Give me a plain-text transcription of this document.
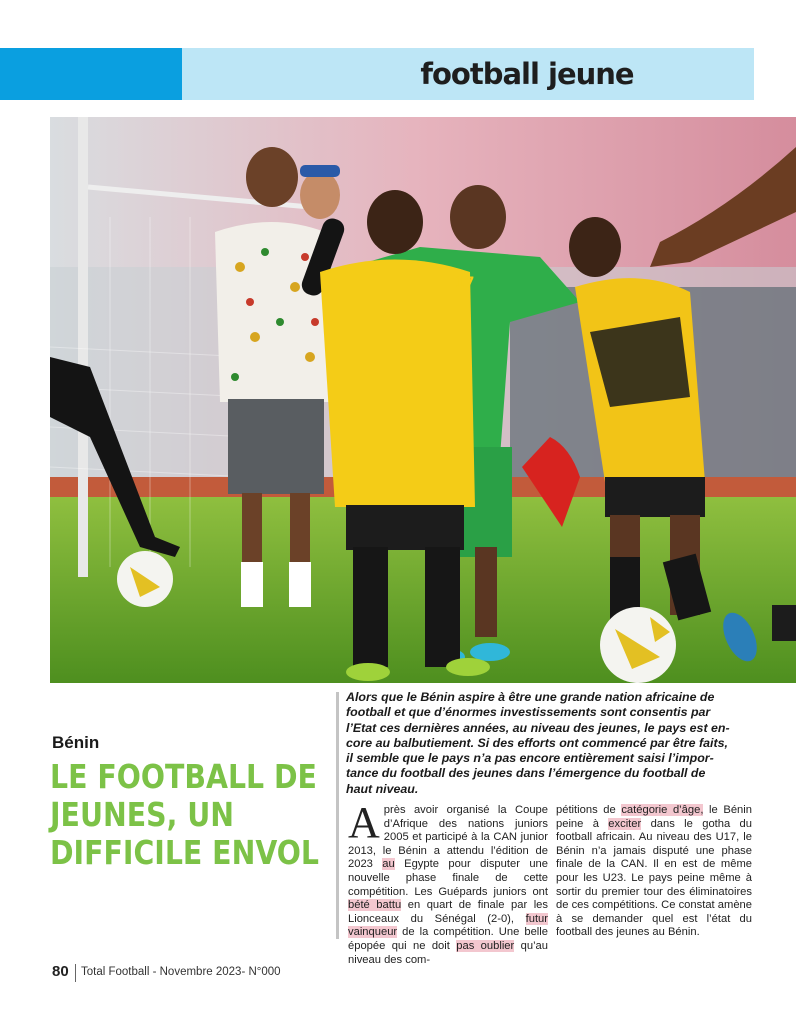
football jeune
17
Alors que le Bénin aspire à être une grande nation africaine de
football et que d’énormes investissements sont consentis par
l’Etat ces dernières années, au niveau des jeunes, le pays est en-
core au balbutiement. Si des efforts ont commencé par être faits,
il semble que le pays n’a pas encore entièrement saisi l’impor-
tance du football des jeunes dans l’émergence du football de
haut niveau.
Bénin
LE FOOTBALL DE
JEUNES, UN
DIFFICILE ENVOL
Après avoir organisé la Coupe d’Afrique des nations juniors 2005 et participé à la CAN junior 2013, le Bénin a attendu l’édition de 2023 au Egypte pour disputer une nouvelle phase finale de cette compétition. Les Guépards juniors ont bété battu en quart de finale par les Lionceaux du Sénégal (2-0), futur vainqueur de la compétition. Une belle épopée qui ne doit pas oublier qu’au niveau des com-
pétitions de catégorie d’âge, le Bénin peine à exciter dans le gotha du football africain. Au niveau des U17, le Bénin n’a jamais disputé une phase finale de la CAN. Il en est de même pour les U23. Le pays peine même à sortir du premier tour des éliminatoires de ces compétitions. Ce constat amène à se demander quel est l’état du football des jeunes au Bénin.
80 Total Football - Novembre 2023- N°000
